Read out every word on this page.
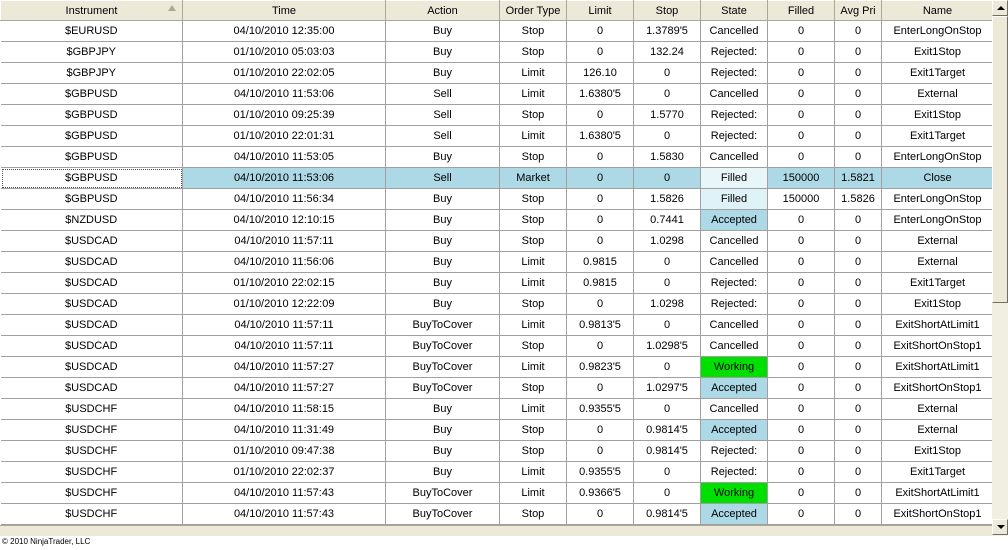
Instrument	Time	Action	Order Type	Limit	Stop	State	Filled	Avg Pri	Name
$EURUSD	04/10/2010 12:35:00	Buy	Stop	0	1.3789'5	Cancelled	0	0	EnterLongOnStop
$GBPJPY	01/10/2010 05:03:03	Buy	Stop	0	132.24	Rejected:	0	0	Exit1Stop
$GBPJPY	01/10/2010 22:02:05	Buy	Limit	126.10	0	Rejected:	0	0	Exit1Target
$GBPUSD	04/10/2010 11:53:06	Sell	Limit	1.6380'5	0	Cancelled	0	0	External
$GBPUSD	01/10/2010 09:25:39	Sell	Stop	0	1.5770	Rejected:	0	0	Exit1Stop
$GBPUSD	01/10/2010 22:01:31	Sell	Limit	1.6380'5	0	Rejected:	0	0	Exit1Target
$GBPUSD	04/10/2010 11:53:05	Buy	Stop	0	1.5830	Cancelled	0	0	EnterLongOnStop
$GBPUSD	04/10/2010 11:53:06	Sell	Market	0	0	Filled	150000	1.5821	Close
$GBPUSD	04/10/2010 11:56:34	Buy	Stop	0	1.5826	Filled	150000	1.5826	EnterLongOnStop
$NZDUSD	04/10/2010 12:10:15	Buy	Stop	0	0.7441	Accepted	0	0	EnterLongOnStop
$USDCAD	04/10/2010 11:57:11	Buy	Stop	0	1.0298	Cancelled	0	0	External
$USDCAD	04/10/2010 11:56:06	Buy	Limit	0.9815	0	Cancelled	0	0	External
$USDCAD	01/10/2010 22:02:15	Buy	Limit	0.9815	0	Rejected:	0	0	Exit1Target
$USDCAD	01/10/2010 12:22:09	Buy	Stop	0	1.0298	Rejected:	0	0	Exit1Stop
$USDCAD	04/10/2010 11:57:11	BuyToCover	Limit	0.9813'5	0	Cancelled	0	0	ExitShortAtLimit1
$USDCAD	04/10/2010 11:57:11	BuyToCover	Stop	0	1.0298'5	Cancelled	0	0	ExitShortOnStop1
$USDCAD	04/10/2010 11:57:27	BuyToCover	Limit	0.9823'5	0	Working	0	0	ExitShortAtLimit1
$USDCAD	04/10/2010 11:57:27	BuyToCover	Stop	0	1.0297'5	Accepted	0	0	ExitShortOnStop1
$USDCHF	04/10/2010 11:58:15	Buy	Limit	0.9355'5	0	Cancelled	0	0	External
$USDCHF	04/10/2010 11:31:49	Buy	Stop	0	0.9814'5	Accepted	0	0	External
$USDCHF	01/10/2010 09:47:38	Buy	Stop	0	0.9814'5	Rejected:	0	0	Exit1Stop
$USDCHF	01/10/2010 22:02:37	Buy	Limit	0.9355'5	0	Rejected:	0	0	Exit1Target
$USDCHF	04/10/2010 11:57:43	BuyToCover	Limit	0.9366'5	0	Working	0	0	ExitShortAtLimit1
$USDCHF	04/10/2010 11:57:43	BuyToCover	Stop	0	0.9814'5	Accepted	0	0	ExitShortOnStop1
© 2010 NinjaTrader, LLC
